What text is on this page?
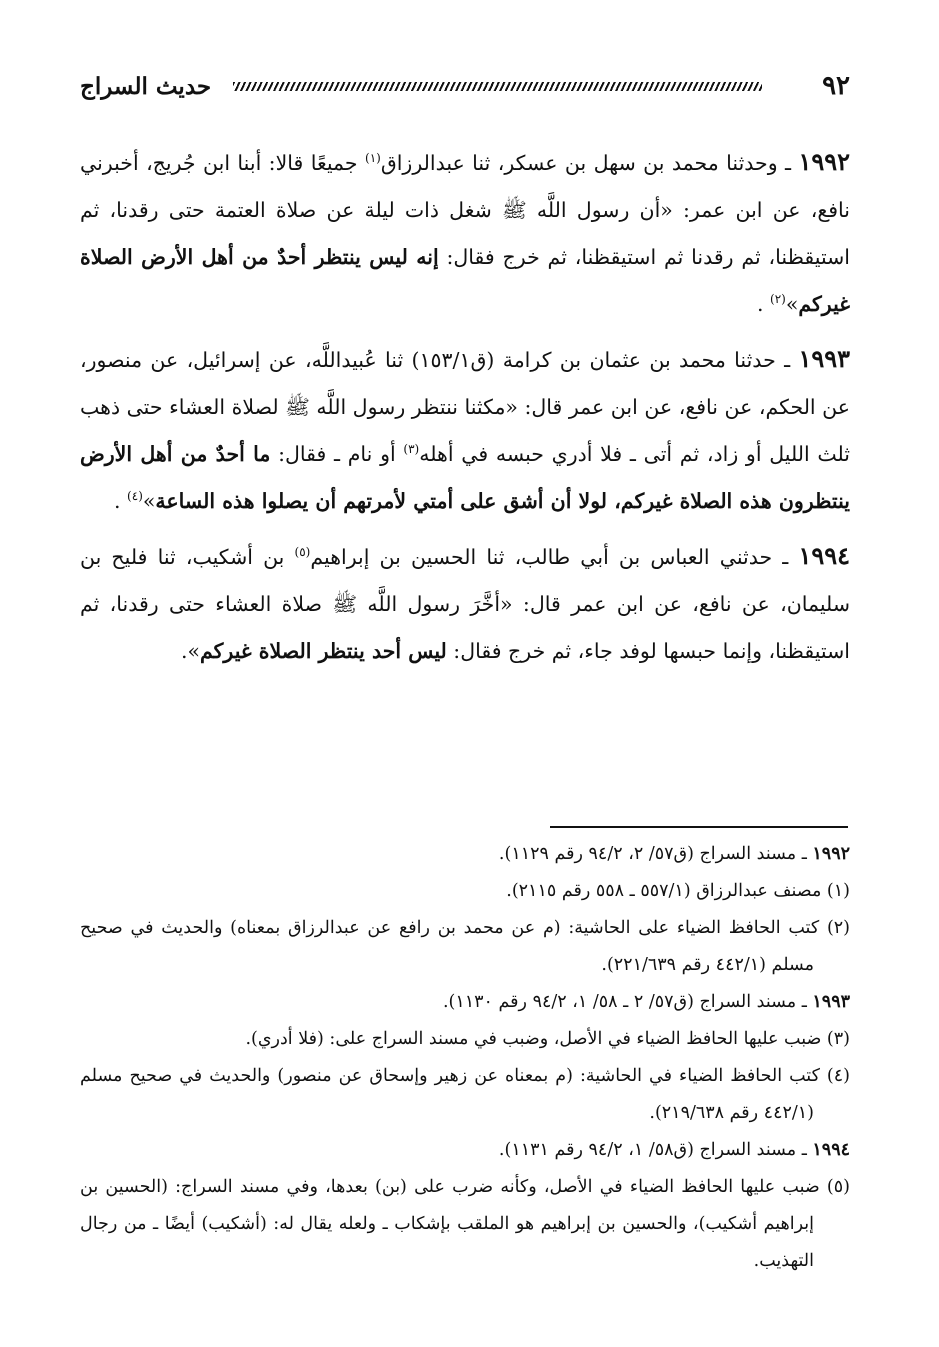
٩٢
حديث السراج

١٩٩٢ ـ وحدثنا محمد بن سهل بن عسكر، ثنا عبدالرزاق$^{(١)}$ جميعًا قالا: أبنا ابن جُريج، أخبرني نافع، عن ابن عمر: «أن رسول اللَّه ﷺ شغل ذات ليلة عن صلاة العتمة حتى رقدنا، ثم استيقظنا، ثم رقدنا ثم استيقظنا، ثم خرج فقال: إنه ليس ينتظر أحدٌ من أهل الأرض الصلاة غيركم»$^{(٢)}$ .

١٩٩٣ ـ حدثنا محمد بن عثمان بن كرامة (ق١٥٣/١) ثنا عُبيداللَّه، عن إسرائيل، عن منصور، عن الحكم، عن نافع، عن ابن عمر قال: «مكثنا ننتظر رسول اللَّه ﷺ لصلاة العشاء حتى ذهب ثلث الليل أو زاد، ثم أتى ـ فلا أدري حبسه في أهله$^{(٣)}$ أو نام ـ فقال: ما أحدٌ من أهل الأرض ينتظرون هذه الصلاة غيركم، لولا أن أشق على أمتي لأمرتهم أن يصلوا هذه الساعة»$^{(٤)}$ .

١٩٩٤ ـ حدثني العباس بن أبي طالب، ثنا الحسين بن إبراهيم$^{(٥)}$ بن أشكيب، ثنا فليح بن سليمان، عن نافع، عن ابن عمر قال: «أخَّرَ رسول اللَّه ﷺ صلاة العشاء حتى رقدنا، ثم استيقظنا، وإنما حبسها لوفد جاء، ثم خرج فقال: ليس أحد ينتظر الصلاة غيركم».

١٩٩٢ ـ مسند السراج (ق٥٧/ ٢، ٩٤/٢ رقم ١١٢٩).

(١) مصنف عبدالرزاق (٥٥٧/١ ـ ٥٥٨ رقم ٢١١٥).

(٢) كتب الحافظ الضياء على الحاشية: (م عن محمد بن رافع عن عبدالرزاق بمعناه) والحديث في صحيح مسلم (٤٤٢/١ رقم ٢٢١/٦٣٩).

١٩٩٣ ـ مسند السراج (ق٥٧/ ٢ ـ ٥٨/ ١، ٩٤/٢ رقم ١١٣٠).

(٣) ضبب عليها الحافظ الضياء في الأصل، وضبب في مسند السراج على: (فلا أدري).

(٤) كتب الحافظ الضياء في الحاشية: (م بمعناه عن زهير وإسحاق عن منصور) والحديث في صحيح مسلم (٤٤٢/١ رقم ٢١٩/٦٣٨).

١٩٩٤ ـ مسند السراج (ق٥٨/ ١، ٩٤/٢ رقم ١١٣١).

(٥) ضبب عليها الحافظ الضياء في الأصل، وكأنه ضرب على (بن) بعدها، وفي مسند السراج: (الحسين بن إبراهيم أشكيب)، والحسين بن إبراهيم هو الملقب بإشكاب ـ ولعله يقال له: (أشكيب) أيضًا ـ من رجال التهذيب.
